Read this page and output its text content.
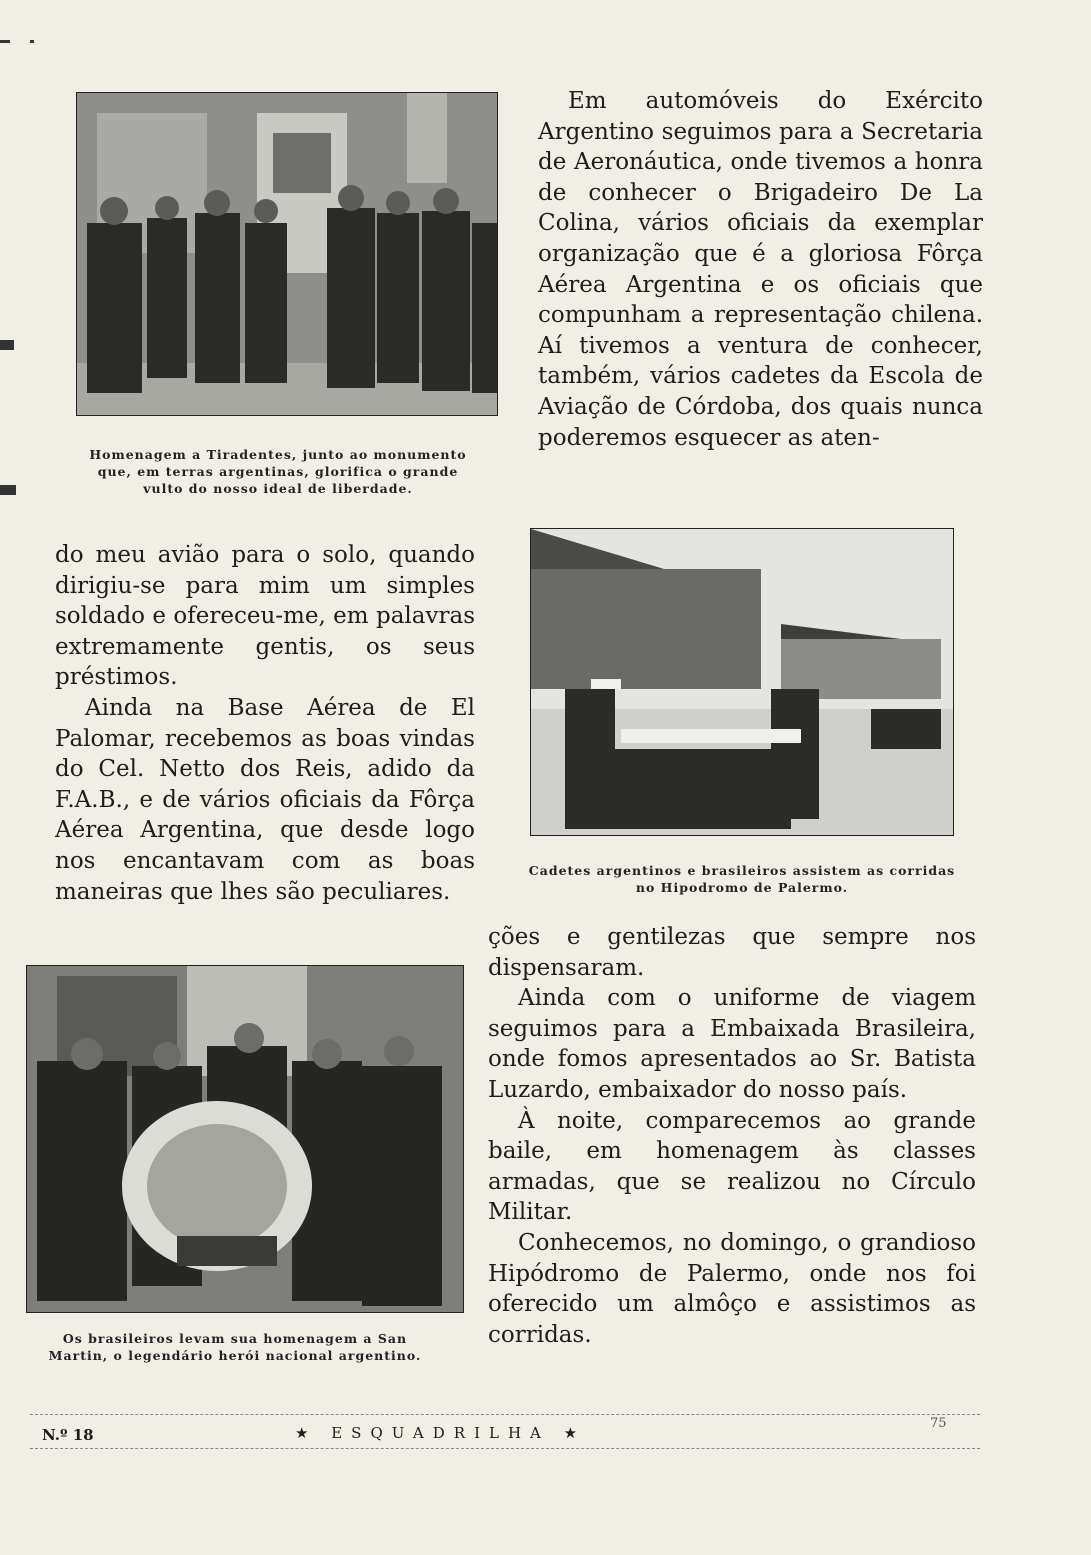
Homenagem a Tiradentes, junto ao monumento que, em terras argentinas, glorifica o grande vulto do nosso ideal de liberdade.

Em automóveis do Exército Argentino seguimos para a Secretaria de Aeronáutica, onde tivemos a honra de conhecer o Brigadeiro De La Colina, vários oficiais da exemplar organização que é a gloriosa Fôrça Aérea Argentina e os oficiais que compunham a representação chilena. Aí tivemos a ventura de conhecer, também, vários cadetes da Escola de Aviação de Córdoba, dos quais nunca poderemos esquecer as aten-

Cadetes argentinos e brasileiros assistem as corridas no Hipodromo de Palermo.

do meu avião para o solo, quando dirigiu-se para mim um simples soldado e ofereceu-me, em palavras extremamente gentis, os seus préstimos.

Ainda na Base Aérea de El Palomar, recebemos as boas vindas do Cel. Netto dos Reis, adido da F.A.B., e de vários oficiais da Fôrça Aérea Argentina, que desde logo nos encantavam com as boas maneiras que lhes são peculiares.

Os brasileiros levam sua homenagem a San Martin, o legendário herói nacional argentino.

ções e gentilezas que sempre nos dispensaram.

Ainda com o uniforme de viagem seguimos para a Embaixada Brasileira, onde fomos apresentados ao Sr. Batista Luzardo, embaixador do nosso país.

À noite, comparecemos ao grande baile, em homenagem às classes armadas, que se realizou no Círculo Militar.

Conhecemos, no domingo, o grandioso Hipódromo de Palermo, onde nos foi oferecido um almôço e assistimos as corridas.

N.º 18	★ ESQUADRILHA ★
75
